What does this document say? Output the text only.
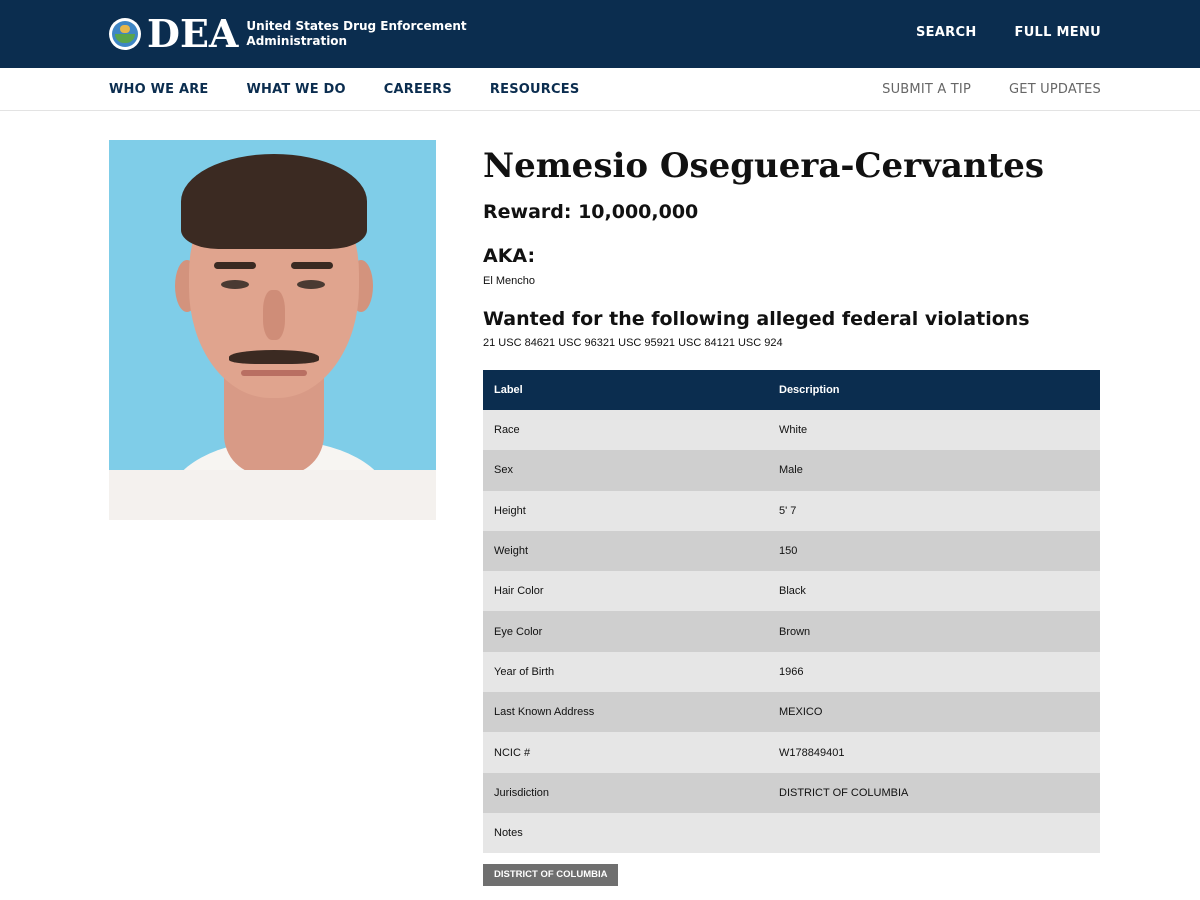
DEA United States Drug Enforcement
Administration
SEARCH	FULL MENU
WHO WE ARE	WHAT WE DO	CAREERS	RESOURCES	SUBMIT A TIP	GET UPDATES
Nemesio Oseguera-Cervantes
Reward: 10,000,000
AKA:
El Mencho
Wanted for the following alleged federal violations
21 USC 84621 USC 96321 USC 95921 USC 84121 USC 924
Label	Description
Race	White
Sex	Male
Height	5' 7
Weight	150
Hair Color	Black
Eye Color	Brown
Year of Birth	1966
Last Known Address	MEXICO
NCIC #	W178849401
Jurisdiction	DISTRICT OF COLUMBIA
Notes	
DISTRICT OF COLUMBIA
